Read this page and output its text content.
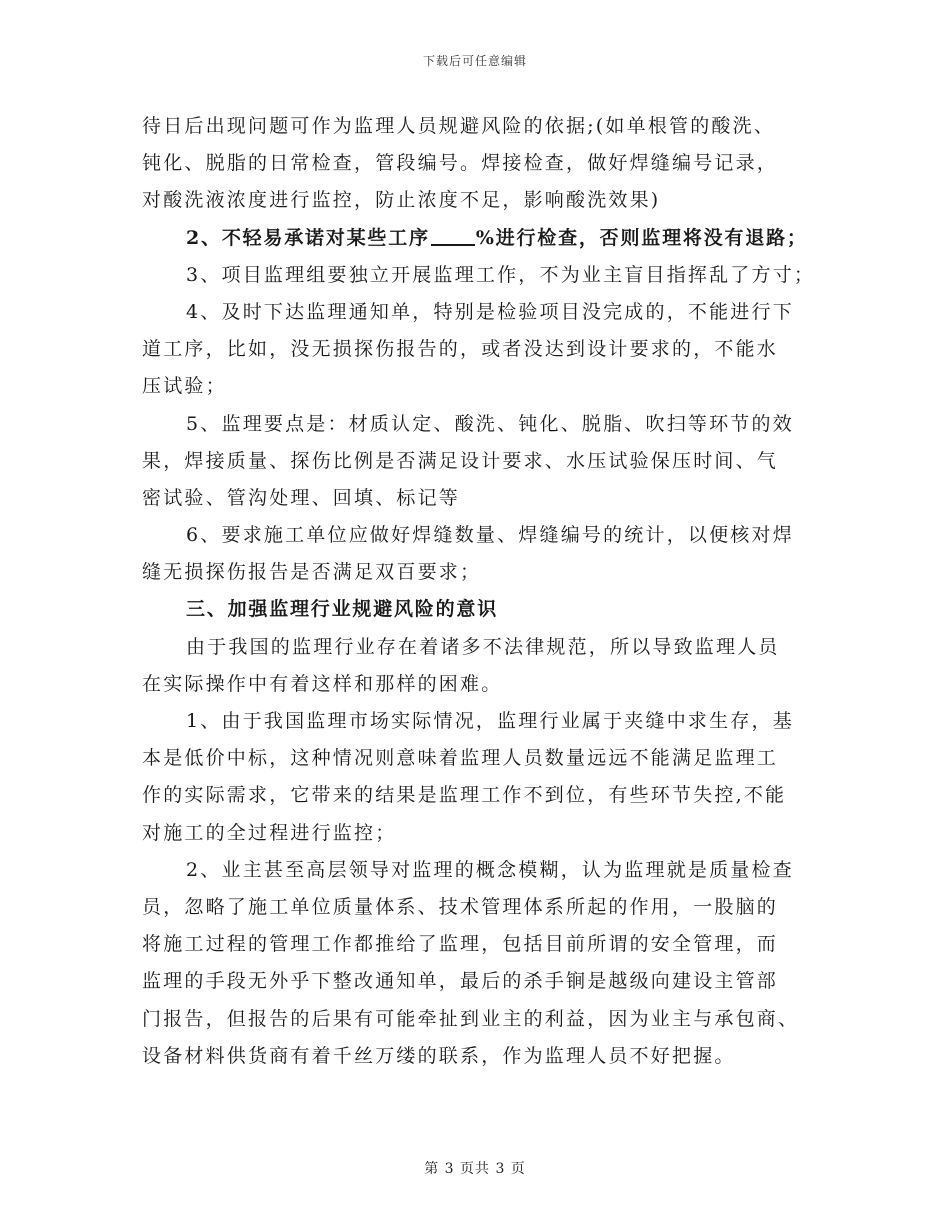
下载后可任意编辑
待日后出现问题可作为监理人员规避风险的依据;(如单根管的酸洗、
钝化、脱脂的日常检查，管段编号。焊接检查，做好焊缝编号记录，
对酸洗液浓度进行监控，防止浓度不足，影响酸洗效果)
2、不轻易承诺对某些工序 %进行检查，否则监理将没有退路；
3、项目监理组要独立开展监理工作，不为业主盲目指挥乱了方寸；
4、及时下达监理通知单，特别是检验项目没完成的，不能进行下
道工序，比如，没无损探伤报告的，或者没达到设计要求的，不能水
压试验；
5、监理要点是：材质认定、酸洗、钝化、脱脂、吹扫等环节的效
果，焊接质量、探伤比例是否满足设计要求、水压试验保压时间、气
密试验、管沟处理、回填、标记等
6、要求施工单位应做好焊缝数量、焊缝编号的统计，以便核对焊
缝无损探伤报告是否满足双百要求；
三、加强监理行业规避风险的意识
由于我国的监理行业存在着诸多不法律规范，所以导致监理人员
在实际操作中有着这样和那样的困难。
1、由于我国监理市场实际情况，监理行业属于夹缝中求生存，基
本是低价中标，这种情况则意味着监理人员数量远远不能满足监理工
作的实际需求，它带来的结果是监理工作不到位，有些环节失控,不能
对施工的全过程进行监控；
2、业主甚至高层领导对监理的概念模糊，认为监理就是质量检查
员，忽略了施工单位质量体系、技术管理体系所起的作用，一股脑的
将施工过程的管理工作都推给了监理，包括目前所谓的安全管理，而
监理的手段无外乎下整改通知单，最后的杀手锏是越级向建设主管部
门报告，但报告的后果有可能牵扯到业主的利益，因为业主与承包商、
设备材料供货商有着千丝万缕的联系，作为监理人员不好把握。
第 3 页共 3 页
